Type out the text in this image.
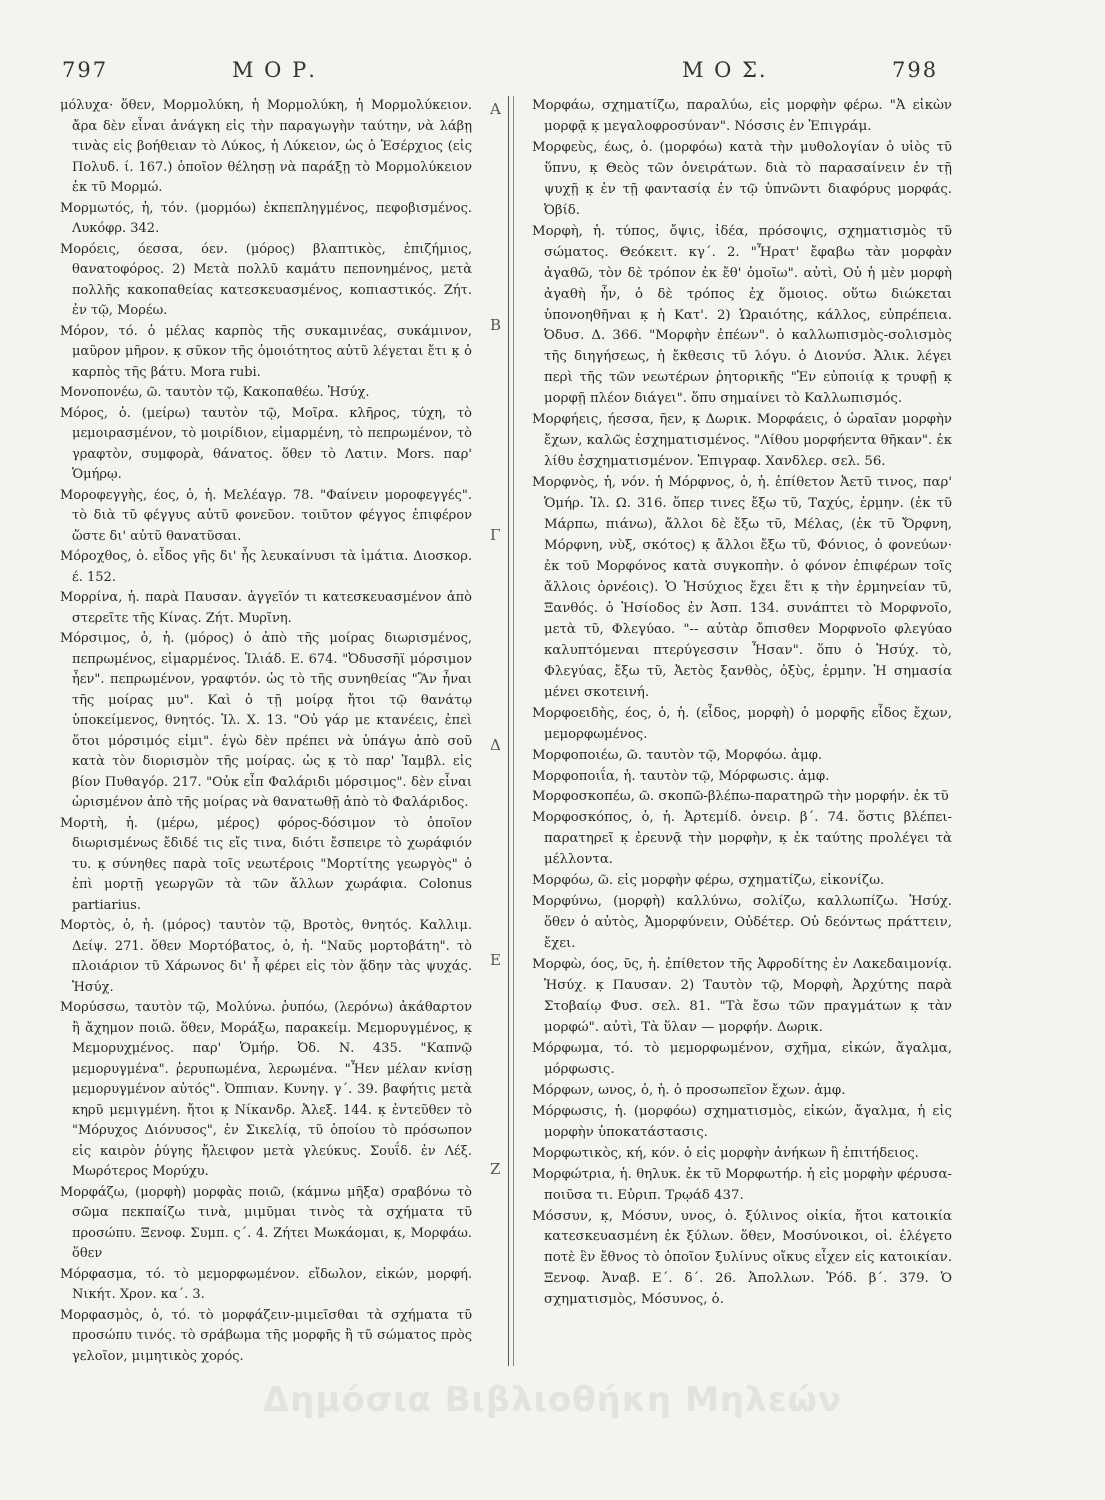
797	Μ Ο Ρ.	Μ Ο Σ.	798

μόλυχα· ὅθεν, Μορμολύκη, ἡ Μορμολύκη, ἡ Μορμολύκειον. ἄρα δὲν εἶναι ἀνάγκη εἰς τὴν παραγωγὴν ταύτην, νὰ λάβῃ τινὰς εἰς βοήθειαν τὸ Λύκος, ἡ Λύκειον, ὡς ὁ Ἑσέρχιος (εἰς Πολυδ. ί. 167.) ὁποῖον θέλησῃ νὰ παράξῃ τὸ Μορμολύκειον ἐκ τῦ Μορμώ.

Μορμωτός, ἡ, τόν. (μορμόω) ἐκπεπληγμένος, πεφοβισμένος. Λυκόφρ. 342.

Μορόεις, όεσσα, όεν. (μόρος) βλαπτικὸς, ἐπιζήμιος, θανατοφόρος. 2) Μετὰ πολλῦ καμάτυ πεπονημένος, μετὰ πολλῆς κακοπαθείας κατεσκευασμένος, κοπιαστικός. Ζήτ. ἐν τῷ, Μορέω.

Μόρον, τό. ὁ μέλας καρπὸς τῆς συκαμινέας, συκάμινον, μαῦρον μῆρον. κ̣ σῦκον τῆς ὁμοιότητος αὐτῦ λέγεται ἔτι κ̣ ὁ καρπὸς τῆς βάτυ. Mora rubi.

Μονοπονέω, ῶ. ταυτὸν τῷ, Κακοπαθέω. Ἡσύχ.

Μόρος, ὁ. (μείρω) ταυτὸν τῷ, Μοῖρα. κλῆρος, τύχη, τὸ μεμοιρασμένον, τὸ μοιρίδιον, εἱμαρμένη, τὸ πεπρωμένον, τὸ γραφτὸν, συμφορὰ, θάνατος. ὅθεν τὸ Λατιν. Mors. παρ' Ὁμήρῳ.

Μοροφεγγὴς, έος, ὁ, ἡ. Μελέαγρ. 78. "Φαίνειν μοροφεγγές". τὸ διὰ τῦ φέγγυς αὐτῦ φονεῦον. τοιῦτον φέγγος ἐπιφέρον ὥστε δι' αὐτῦ θανατῦσαι.

Μόροχθος, ὁ. εἶδος γῆς δι' ἧς λευκαίνυσι τὰ ἱμάτια. Διοσκορ. έ. 152.

Μορρίνα, ἡ. παρὰ Παυσαν. ἀγγεῖόν τι κατεσκευασμένον ἀπὸ στερεῖτε τῆς Κίνας. Ζήτ. Μυρῖνη.

Μόρσιμος, ὁ, ἡ. (μόρος) ὁ ἀπὸ τῆς μοίρας διωρισμένος, πεπρωμένος, εἱμαρμένος. Ἰλιάδ. Ε. 674. "Ὀδυσσῆϊ μόρσιμον ἦεν". πεπρωμένον, γραφτόν. ὡς τὸ τῆς συνηθείας "Ἂν ἦναι τῆς μοίρας μυ". Καὶ ὁ τῇ μοίρᾳ ἤτοι τῷ θανάτῳ ὑποκείμενος, θνητός. Ἰλ. Χ. 13. "Οὐ γάρ με κτανέεις, ἐπεὶ ὅτοι μόρσιμός εἰμι". ἐγὼ δὲν πρέπει νὰ ὑπάγω ἀπὸ σοῦ κατὰ τὸν διορισμὸν τῆς μοίρας. ὡς κ̣ τὸ παρ' Ἰαμβλ. εἰς βίον Πυθαγόρ. 217. "Οὐκ εἶπ Φαλάριδι μόρσιμος". δὲν εἶναι ὡρισμένον ἀπὸ τῆς μοίρας νὰ θανατωθῇ ἀπὸ τὸ Φαλάριδος.

Μορτὴ, ἡ. (μέρω, μέρος) φόρος-δόσιμον τὸ ὁποῖον διωρισμένως ἔδιδέ τις εἴς τινα, διότι ἔσπειρε τὸ χωράφιόν τυ. κ̣ σύνηθες παρὰ τοῖς νεωτέροις "Μορτίτης γεωργὸς" ὁ ἐπὶ μορτῇ γεωργῶν τὰ τῶν ἄλλων χωράφια. Colonus partiarius.

Μορτὸς, ὁ, ἡ. (μόρος) ταυτὸν τῷ, Βροτὸς, θνητός. Καλλιμ. Δείψ. 271. ὅθεν Μορτόβατος, ὁ, ἡ. "Ναῦς μορτοβάτη". τὸ πλοιάριον τῦ Χάρωνος δι' ἧ φέρει εἰς τὸν ᾅδην τὰς ψυχάς. Ἡσύχ.

Μορύσσω, ταυτὸν τῷ, Μολύνω. ῥυπόω, (λερόνω) ἀκάθαρτον ἢ ἄχημον ποιῶ. ὅθεν, Μοράξω, παρακείμ. Μεμορυγμένος, κ̣ Μεμορυχμένος. παρ' Ὁμήρ. Ὀδ. Ν. 435. "Καπνῷ μεμορυγμένα". ῥερυπωμένα, λερωμένα. "Ἦεν μέλαν κνίσῃ μεμορυγμένον αὐτός". Ὀππιαν. Κυνηγ. γ΄. 39. βαφήτις μετὰ κηρῦ μεμιγμένη. ἤτοι κ̣ Νίκανδρ. Ἀλεξ. 144. κ̣ ἐντεῦθεν τὸ "Μόρυχος Διόνυσος", ἐν Σικελίᾳ, τῦ ὁποίου τὸ πρόσωπον εἰς καιρὸν ῥύγης ἤλειφον μετὰ γλεύκυς. Σουΐδ. ἐν Λέξ. Μωρότερος Μορύχυ.

Μορφάζω, (μορφὴ) μορφὰς ποιῶ, (κάμνω μῆξα) σραβόνω τὸ σῶμα πεκπαίζω τινὰ, μιμῦμαι τινὸς τὰ σχήματα τῦ προσώπυ. Ξενοφ. Συμπ. ς΄. 4. Ζήτει Μωκάομαι, κ̣, Μορφάω. ὅθεν

Μόρφασμα, τό. τὸ μεμορφωμένον. εἴδωλον, εἰκών, μορφή. Νικήτ. Χρον. κα΄. 3.

Μορφασμὸς, ὁ, τό. τὸ μορφάζειν-μιμεῖσθαι τὰ σχήματα τῦ προσώπυ τινός. τὸ σράβωμα τῆς μορφῆς ἢ τῦ σώματος πρὸς γελοῖον, μιμητικὸς χορός.

Α
Β
Γ
Δ
Ε
Ζ

Μορφάω, σχηματίζω, παραλύω, εἰς μορφὴν φέρω. "Ἀ εἰκὼν μορφᾷ κ̣ μεγαλοφροσύναν". Νόσσις ἐν Ἐπιγράμ.

Μορφεὺς, έως, ὁ. (μορφόω) κατὰ τὴν μυθολογίαν ὁ υἱὸς τῦ ὕπνυ, κ̣ Θεὸς τῶν ὀνειράτων. διὰ τὸ παρασαίνειν ἐν τῇ ψυχῇ κ̣ ἐν τῇ φαντασίᾳ ἐν τῷ ὑπνῶντι διαφόρυς μορφάς. Ὀβίδ.

Μορφὴ, ἡ. τύπος, ὄψις, ἰδέα, πρόσοψις, σχηματισμὸς τῦ σώματος. Θεόκειτ. κγ΄. 2. "Ἦρατ' ἔφαβω τὰν μορφὰν ἀγαθῶ, τὸν δὲ τρόπον ἐκ ἔθ' ὁμοῖω". αὐτὶ, Οὐ ἡ μὲν μορφὴ ἀγαθὴ ἦν, ὁ δὲ τρόπος ἐχ ὅμοιος. οὕτω διώκεται ὑπονοηθῆναι κ̣ ἡ Κατ'. 2) Ὡραιότης, κάλλος, εὐπρέπεια. Ὀδυσ. Δ. 366. "Μορφὴν ἐπέων". ὁ καλλωπισμὸς-σολισμὸς τῆς διηγήσεως, ἡ ἔκθεσις τῦ λόγυ. ὁ Διονύσ. Ἀλικ. λέγει περὶ τῆς τῶν νεωτέρων ῥητορικῆς "Ἐν εὐποιίᾳ κ̣ τρυφῇ κ̣ μορφῇ πλέον διάγει". ὅπυ σημαίνει τὸ Καλλωπισμός.

Μορφήεις, ήεσσα, ῆεν, κ̣ Δωρικ. Μορφάεις, ὁ ὡραῖαν μορφὴν ἔχων, καλῶς ἐσχηματισμένος. "Λίθου μορφήεντα θῆκαν". ἐκ λίθυ ἐσχηματισμένον. Ἐπιγραφ. Χανδλερ. σελ. 56.

Μορφνὸς, ἡ, νόν. ἡ Μόρφνος, ὁ, ἡ. ἐπίθετον Ἀετῦ τινος, παρ' Ὁμήρ. Ἰλ. Ω. 316. ὅπερ τινες ἔξω τῦ, Ταχύς, ἑρμην. (ἐκ τῦ Μάρπω, πιάνω), ἄλλοι δὲ ἔξω τῦ, Μέλας, (ἐκ τῦ Ὄρφνη, Μόρφνη, νὺξ, σκότος) κ̣ ἄλλοι ἔξω τῦ, Φόνιος, ὁ φονεύων· ἐκ τοῦ Μορφόνος κατὰ συγκοπὴν. ὁ φόνον ἐπιφέρων τοῖς ἄλλοις ὀρνέοις). Ὁ Ἡσύχιος ἔχει ἔτι κ̣ τὴν ἑρμηνείαν τῦ, Ξανθός. ὁ Ἡσίοδος ἐν Ἀσπ. 134. συνάπτει τὸ Μορφνοῖο, μετὰ τῦ, Φλεγύαο. "-- αὐτὰρ ὄπισθεν Μορφνοῖο φλεγύαο καλυπτόμεναι πτερύγεσσιν Ἦσαν". ὅπυ ὁ Ἡσύχ. τὸ, Φλεγύας, ἔξω τῦ, Ἀετὸς ξανθὸς, ὀξὺς, ἑρμην. Ἡ σημασία μένει σκοτεινή.

Μορφοειδὴς, έος, ὁ, ἡ. (εἶδος, μορφὴ) ὁ μορφῆς εἶδος ἔχων, μεμορφωμένος.

Μορφοποιέω, ῶ. ταυτὸν τῷ, Μορφόω. ἀμφ.

Μορφοποιΐα, ἡ. ταυτὸν τῷ, Μόρφωσις. ἀμφ.

Μορφοσκοπέω, ῶ. σκοπῶ-βλέπω-παρατηρῶ τὴν μορφήν. ἐκ τῦ

Μορφοσκόπος, ὁ, ἡ. Ἀρτεμίδ. ὀνειρ. β΄. 74. ὅστις βλέπει-παρατηρεῖ κ̣ ἐρευνᾷ τὴν μορφὴν, κ̣ ἐκ ταύτης προλέγει τὰ μέλλοντα.

Μορφόω, ῶ. εἰς μορφὴν φέρω, σχηματίζω, εἰκονίζω.

Μορφύνω, (μορφὴ) καλλύνω, σολίζω, καλλωπίζω. Ἡσύχ. ὅθεν ὁ αὐτὸς, Ἀμορφύνειν, Οὐδέτερ. Οὐ δεόντως πράττειν, ἔχει.

Μορφὼ, όος, ῦς, ἡ. ἐπίθετον τῆς Ἀφροδίτης ἐν Λακεδαιμονίᾳ. Ἡσύχ. κ̣ Παυσαν. 2) Ταυτὸν τῷ, Μορφὴ, Ἀρχύτης παρὰ Στοβαίῳ Φυσ. σελ. 81. "Τὰ ἔσω τῶν πραγμάτων κ̣ τὰν μορφώ". αὐτὶ, Τὰ ὕλαν — μορφήν. Δωρικ.

Μόρφωμα, τό. τὸ μεμορφωμένον, σχῆμα, εἰκών, ἄγαλμα, μόρφωσις.

Μόρφων, ωνος, ὁ, ἡ. ὁ προσωπεῖον ἔχων. ἀμφ.

Μόρφωσις, ἡ. (μορφόω) σχηματισμὸς, εἰκών, ἄγαλμα, ἡ εἰς μορφὴν ὑποκατάστασις.

Μορφωτικὸς, κή, κόν. ὁ εἰς μορφὴν ἀνήκων ἢ ἐπιτήδειος.

Μορφώτρια, ἡ. θηλυκ. ἐκ τῦ Μορφωτήρ. ἡ εἰς μορφὴν φέρυσα-ποιῦσα τι. Εὐριπ. Τρῳάδ 437.

Μόσσυν, κ̣, Μόσυν, υνος, ὁ. ξύλινος οἰκία, ἤτοι κατοικία κατεσκευασμένη ἐκ ξύλων. ὅθεν, Μοσύνοικοι, οἱ. ἐλέγετο ποτὲ ἓν ἔθνος τὸ ὁποῖον ξυλίνυς οἴκυς εἶχεν εἰς κατοικίαν. Ξενοφ. Ἀναβ. Ε΄. δ΄. 26. Ἀπολλων. Ῥόδ. β΄. 379. Ὁ σχηματισμὸς, Μόσυνος, ὁ.

Δημόσια Βιβλιοθήκη Μηλεών
